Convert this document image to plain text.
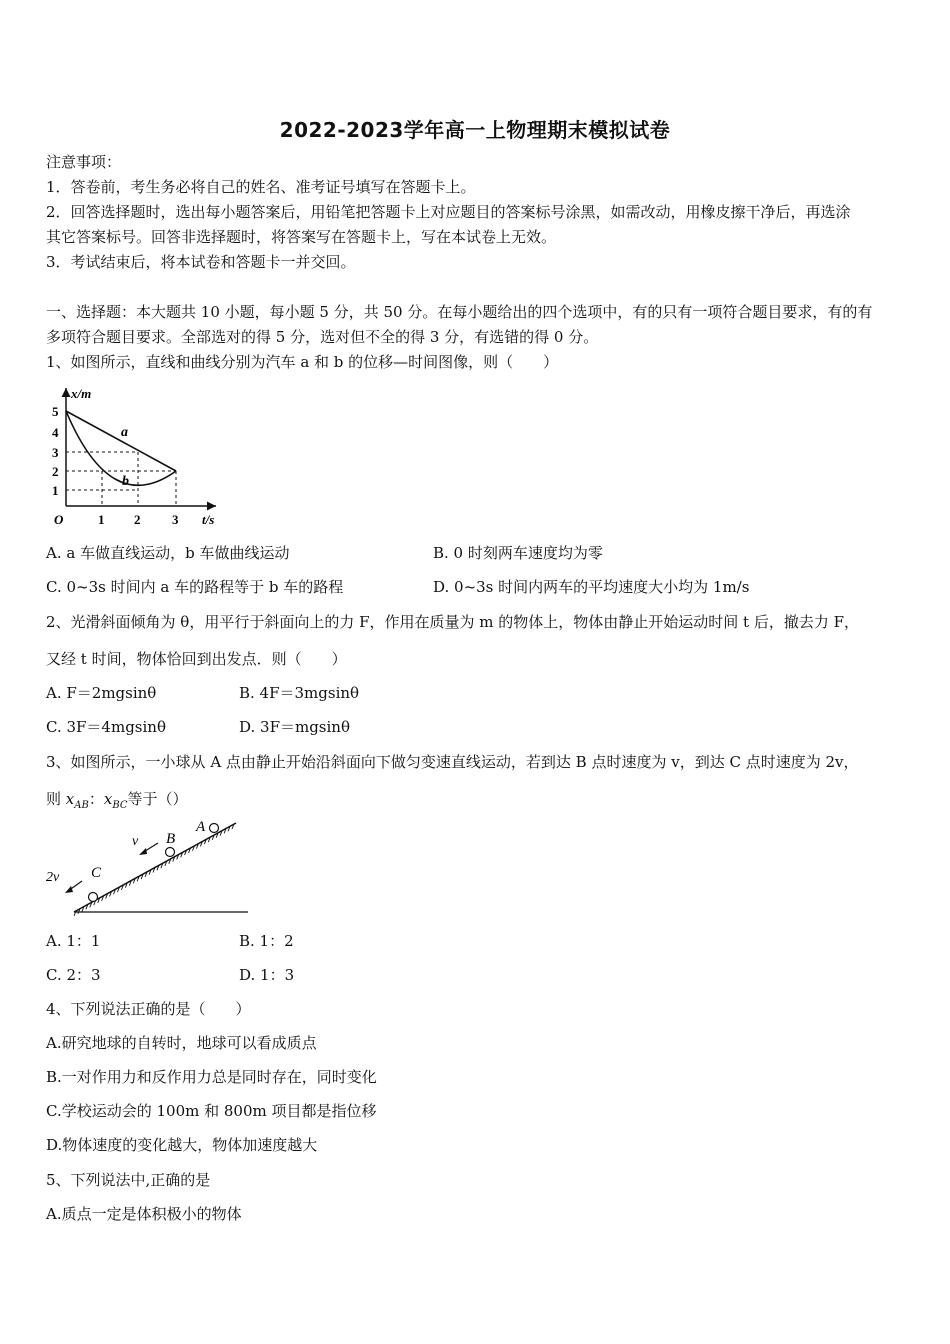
2022-2023学年高一上物理期末模拟试卷
注意事项：
1．答卷前，考生务必将自己的姓名、准考证号填写在答题卡上。
2．回答选择题时，选出每小题答案后，用铅笔把答题卡上对应题目的答案标号涂黑，如需改动，用橡皮擦干净后，再选涂
其它答案标号。回答非选择题时，将答案写在答题卡上，写在本试卷上无效。
3．考试结束后，将本试卷和答题卡一并交回。
一、选择题：本大题共 10 小题，每小题 5 分，共 50 分。在每小题给出的四个选项中，有的只有一项符合题目要求，有的有
多项符合题目要求。全部选对的得 5 分，选对但不全的得 3 分，有选错的得 0 分。
1、如图所示，直线和曲线分别为汽车 a 和 b 的位移—时间图像，则（　　）
x/m
t/s
O
1
2
3
4
5
1 2 3
a
b
A. a 车做直线运动，b 车做曲线运动	B. 0 时刻两车速度均为零
C. 0~3s 时间内 a 车的路程等于 b 车的路程	D. 0~3s 时间内两车的平均速度大小均为 1m/s
2、光滑斜面倾角为 θ，用平行于斜面向上的力 F，作用在质量为 m 的物体上，物体由静止开始运动时间 t 后，撤去力 F，
又经 t 时间，物体恰回到出发点．则（　　）
A. F＝2mgsinθ	B. 4F＝3mgsinθ
C. 3F＝4mgsinθ	D. 3F＝mgsinθ
3、如图所示，一小球从 A 点由静止开始沿斜面向下做匀变速直线运动，若到达 B 点时速度为 v，到达 C 点时速度为 2v，
则 $x_{AB}$：$x_{BC}$等于（）
A
B
C
v
2v
A. 1：1	B. 1：2
C. 2：3	D. 1：3
4、下列说法正确的是（　　）
A.研究地球的自转时，地球可以看成质点
B.一对作用力和反作用力总是同时存在，同时变化
C.学校运动会的 100m 和 800m 项目都是指位移
D.物体速度的变化越大，物体加速度越大
5、下列说法中,正确的是
A.质点一定是体积极小的物体
